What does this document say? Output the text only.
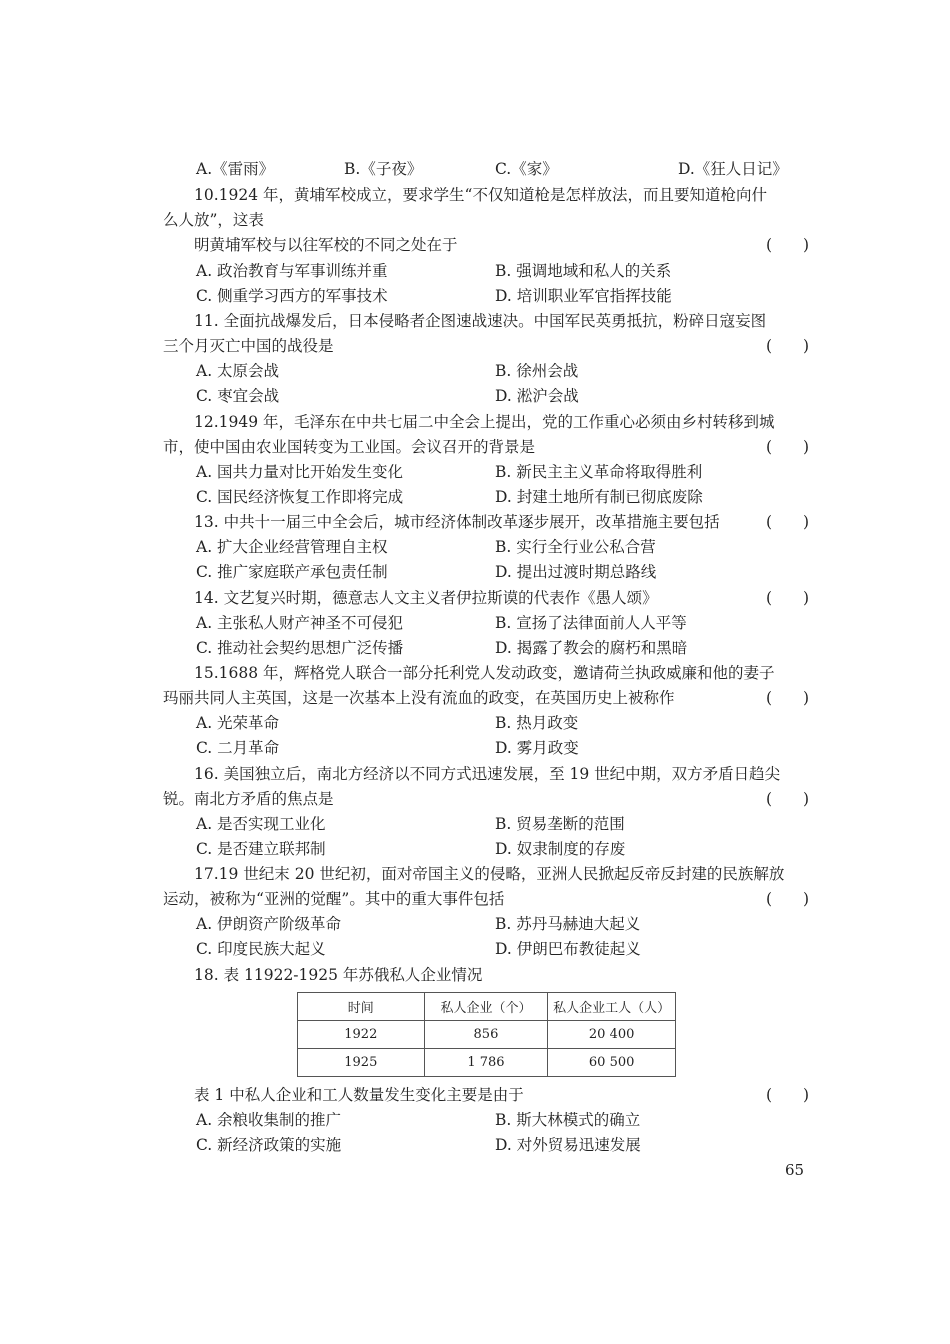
A.《雷雨》	B.《子夜》	C.《家》	D.《狂人日记》
10.1924 年，黄埔军校成立，要求学生“不仅知道枪是怎样放法，而且要知道枪向什
么人放”，这表
明黄埔军校与以往军校的不同之处在于	(　　)
A. 政治教育与军事训练并重	B. 强调地域和私人的关系
C. 侧重学习西方的军事技术	D. 培训职业军官指挥技能
11. 全面抗战爆发后，日本侵略者企图速战速决。中国军民英勇抵抗，粉碎日寇妄图
三个月灭亡中国的战役是	(　　)
A. 太原会战	B. 徐州会战
C. 枣宜会战	D. 淞沪会战
12.1949 年，毛泽东在中共七届二中全会上提出，党的工作重心必须由乡村转移到城
市，使中国由农业国转变为工业国。会议召开的背景是	(　　)
A. 国共力量对比开始发生变化	B. 新民主主义革命将取得胜利
C. 国民经济恢复工作即将完成	D. 封建土地所有制已彻底废除
13. 中共十一届三中全会后，城市经济体制改革逐步展开，改革措施主要包括	(　　)
A. 扩大企业经营管理自主权	B. 实行全行业公私合营
C. 推广家庭联产承包责任制	D. 提出过渡时期总路线
14. 文艺复兴时期，德意志人文主义者伊拉斯谟的代表作《愚人颂》	(　　)
A. 主张私人财产神圣不可侵犯	B. 宣扬了法律面前人人平等
C. 推动社会契约思想广泛传播	D. 揭露了教会的腐朽和黑暗
15.1688 年，辉格党人联合一部分托利党人发动政变，邀请荷兰执政威廉和他的妻子
玛丽共同人主英国，这是一次基本上没有流血的政变，在英国历史上被称作	(　　)
A. 光荣革命	B. 热月政变
C. 二月革命	D. 雾月政变
16. 美国独立后，南北方经济以不同方式迅速发展，至 19 世纪中期，双方矛盾日趋尖
锐。南北方矛盾的焦点是	(　　)
A. 是否实现工业化	B. 贸易垄断的范围
C. 是否建立联邦制	D. 奴隶制度的存废
17.19 世纪末 20 世纪初，面对帝国主义的侵略，亚洲人民掀起反帝反封建的民族解放
运动，被称为“亚洲的觉醒”。其中的重大事件包括	(　　)
A. 伊朗资产阶级革命	B. 苏丹马赫迪大起义
C. 印度民族大起义	D. 伊朗巴布教徒起义
18. 表 11922-1925 年苏俄私人企业情况
时间	私人企业（个）	私人企业工人（人）
1922	856	20 400
1925	1 786	60 500
表 1 中私人企业和工人数量发生变化主要是由于	(　　)
A. 余粮收集制的推广	B. 斯大林模式的确立
C. 新经济政策的实施	D. 对外贸易迅速发展
65
